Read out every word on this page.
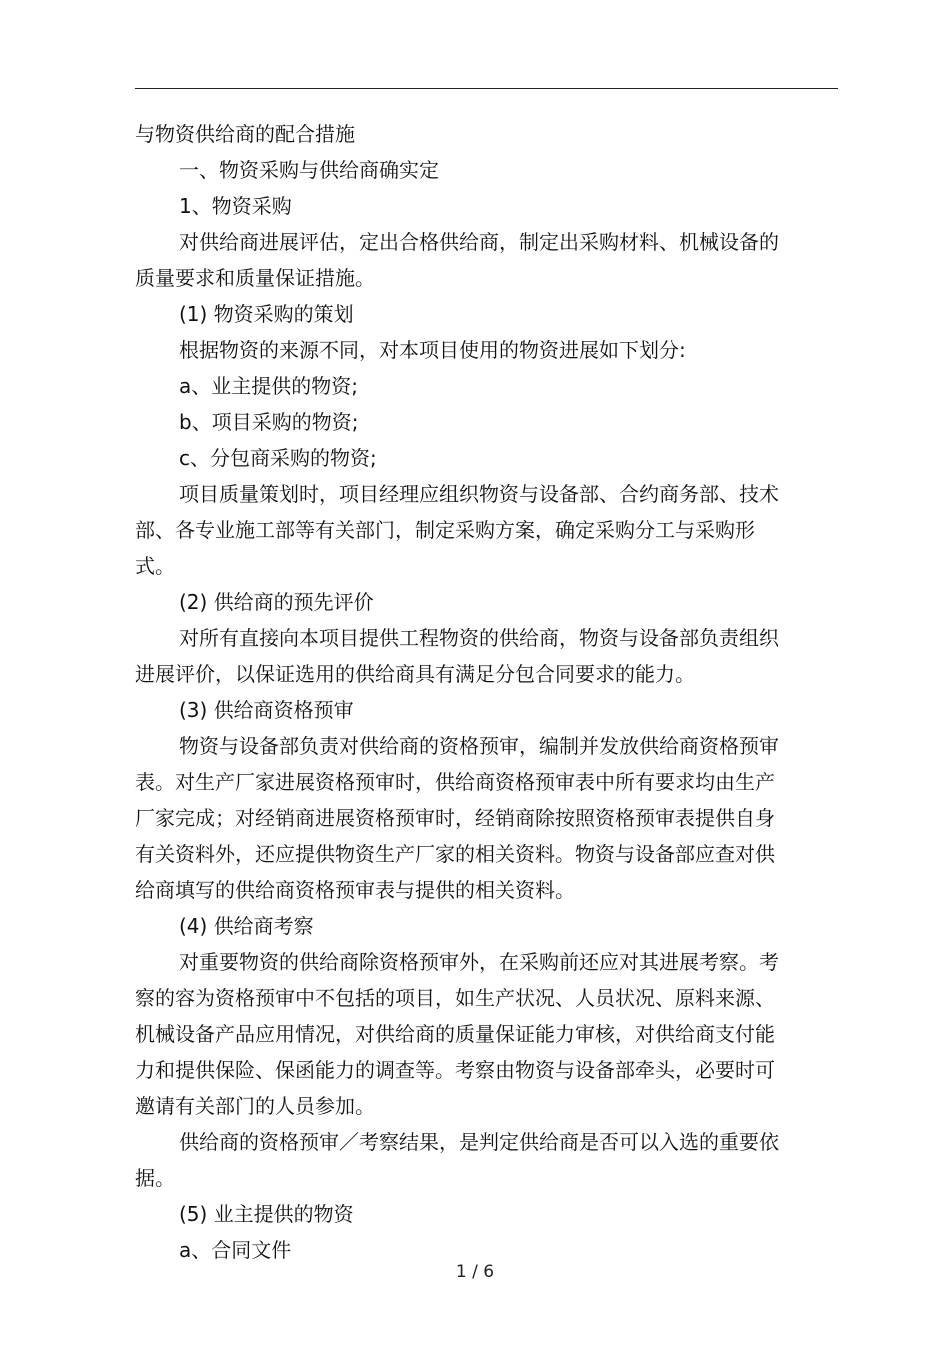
与物资供给商的配合措施

一、物资采购与供给商确实定

1、物资采购

对供给商进展评估，定出合格供给商，制定出采购材料、机械设备的质量要求和质量保证措施。

(1) 物资采购的策划

根据物资的来源不同，对本项目使用的物资进展如下划分:

a、业主提供的物资;

b、项目采购的物资;

c、分包商采购的物资;

项目质量策划时，项目经理应组织物资与设备部、合约商务部、技术部、各专业施工部等有关部门，制定采购方案，确定采购分工与采购形式。

(2) 供给商的预先评价

对所有直接向本项目提供工程物资的供给商，物资与设备部负责组织进展评价，以保证选用的供给商具有满足分包合同要求的能力。

(3) 供给商资格预审

物资与设备部负责对供给商的资格预审，编制并发放供给商资格预审表。对生产厂家进展资格预审时，供给商资格预审表中所有要求均由生产厂家完成；对经销商进展资格预审时，经销商除按照资格预审表提供自身有关资料外，还应提供物资生产厂家的相关资料。物资与设备部应查对供给商填写的供给商资格预审表与提供的相关资料。

(4) 供给商考察

对重要物资的供给商除资格预审外，在采购前还应对其进展考察。考察的容为资格预审中不包括的项目，如生产状况、人员状况、原料来源、机械设备产品应用情况，对供给商的质量保证能力审核，对供给商支付能力和提供保险、保函能力的调查等。考察由物资与设备部牵头，必要时可邀请有关部门的人员参加。

供给商的资格预审／考察结果，是判定供给商是否可以入选的重要依据。

(5) 业主提供的物资

a、合同文件

1 / 6
